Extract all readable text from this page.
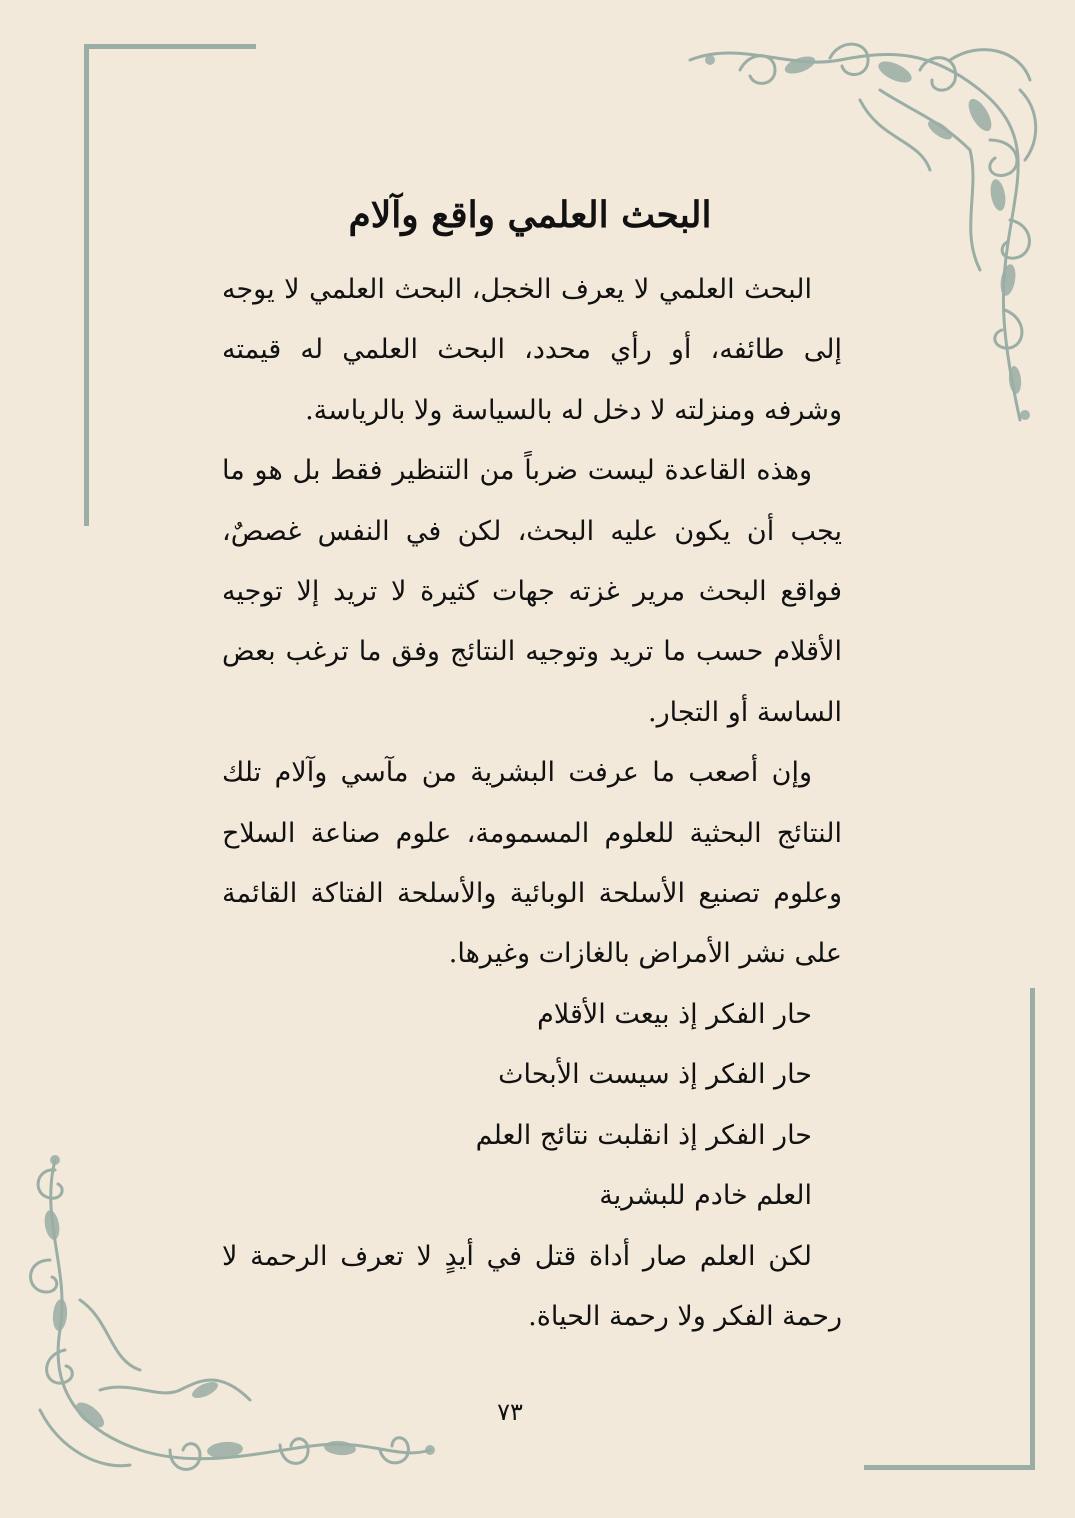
البحث العلمي واقع وآلام

البحث العلمي لا يعرف الخجل، البحث العلمي لا يوجه إلى طائفه، أو رأي محدد، البحث العلمي له قيمته وشرفه ومنزلته لا دخل له بالسياسة ولا بالرياسة.

وهذه القاعدة ليست ضرباً من التنظير فقط بل هو ما يجب أن يكون عليه البحث، لكن في النفس غصصٌ، فواقع البحث مرير غزته جهات كثيرة لا تريد إلا توجيه الأقلام حسب ما تريد وتوجيه النتائج وفق ما ترغب بعض الساسة أو التجار.

وإن أصعب ما عرفت البشرية من مآسي وآلام تلك النتائج البحثية للعلوم المسمومة، علوم صناعة السلاح وعلوم تصنيع الأسلحة الوبائية والأسلحة الفتاكة القائمة على نشر الأمراض بالغازات وغيرها.

حار الفكر إذ بيعت الأقلام

حار الفكر إذ سيست الأبحاث

حار الفكر إذ انقلبت نتائج العلم

العلم خادم للبشرية

لكن العلم صار أداة قتل في أيدٍ لا تعرف الرحمة لا رحمة الفكر ولا رحمة الحياة.

٧٣
